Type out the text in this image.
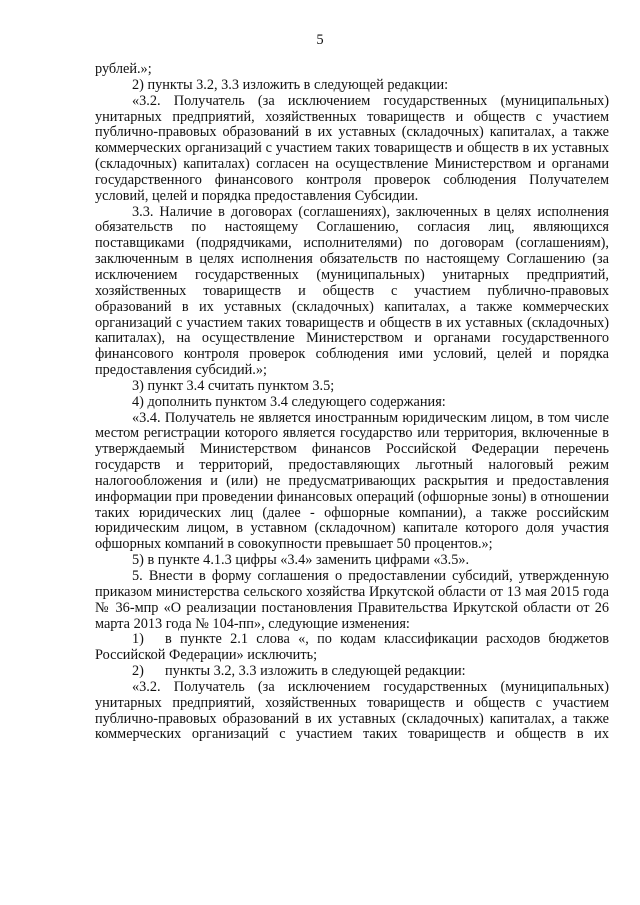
5

рублей.»;

2) пункты 3.2, 3.3 изложить в следующей редакции:

«3.2. Получатель (за исключением государственных (муниципальных) унитарных предприятий, хозяйственных товариществ и обществ с участием публично-правовых образований в их уставных (складочных) капиталах, а также коммерческих организаций с участием таких товариществ и обществ в их уставных (складочных) капиталах) согласен на осуществление Министерством и органами государственного финансового контроля проверок соблюдения Получателем условий, целей и порядка предоставления Субсидии.

3.3. Наличие в договорах (соглашениях), заключенных в целях исполнения обязательств по настоящему Соглашению, согласия лиц, являющихся поставщиками (подрядчиками, исполнителями) по договорам (соглашениям), заключенным в целях исполнения обязательств по настоящему Соглашению (за исключением государственных (муниципальных) унитарных предприятий, хозяйственных товариществ и обществ с участием публично-правовых образований в их уставных (складочных) капиталах, а также коммерческих организаций с участием таких товариществ и обществ в их уставных (складочных) капиталах), на осуществление Министерством и органами государственного финансового контроля проверок соблюдения ими условий, целей и порядка предоставления субсидий.»;

3) пункт 3.4 считать пунктом 3.5;

4) дополнить пунктом 3.4 следующего содержания:

«3.4. Получатель не является иностранным юридическим лицом, в том числе местом регистрации которого является государство или территория, включенные в утверждаемый Министерством финансов Российской Федерации перечень государств и территорий, предоставляющих льготный налоговый режим налогообложения и (или) не предусматривающих раскрытия и предоставления информации при проведении финансовых операций (офшорные зоны) в отношении таких юридических лиц (далее - офшорные компании), а также российским юридическим лицом, в уставном (складочном) капитале которого доля участия офшорных компаний в совокупности превышает 50 процентов.»;

5) в пункте 4.1.3 цифры «3.4» заменить цифрами «3.5».

5. Внести в форму соглашения о предоставлении субсидий, утвержденную приказом министерства сельского хозяйства Иркутской области от 13 мая 2015 года № 36-мпр «О реализации постановления Правительства Иркутской области от 26 марта 2013 года № 104-пп», следующие изменения:

1) в пункте 2.1 слова «, по кодам классификации расходов бюджетов Российской Федерации» исключить;

2) пункты 3.2, 3.3 изложить в следующей редакции:

«3.2. Получатель (за исключением государственных (муниципальных) унитарных предприятий, хозяйственных товариществ и обществ с участием публично-правовых образований в их уставных (складочных) капиталах, а также коммерческих организаций с участием таких товариществ и обществ в их
